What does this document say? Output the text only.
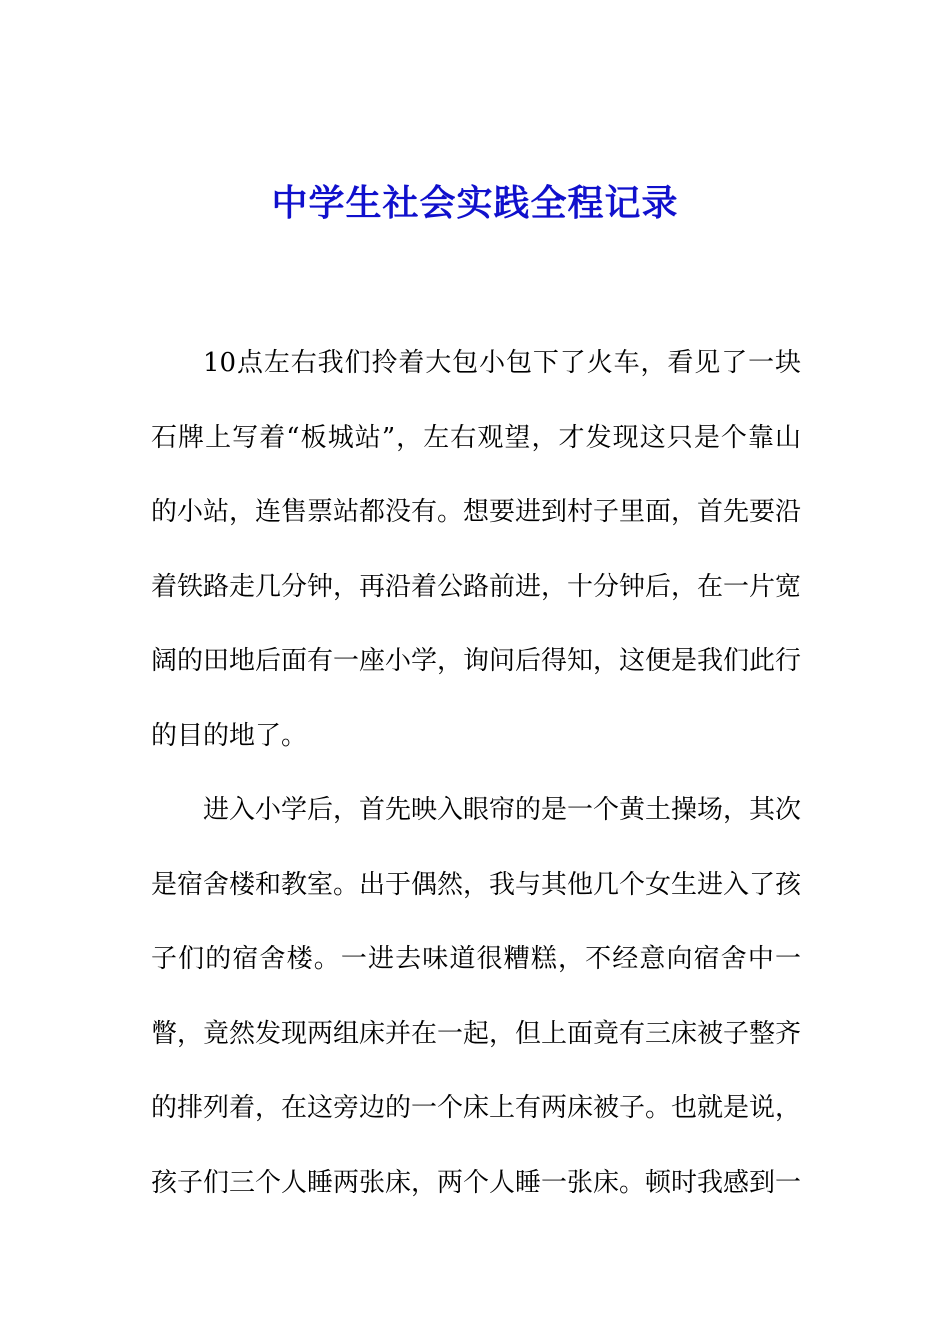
中学生社会实践全程记录

10点左右我们拎着大包小包下了火车，看见了一块石牌上写着“板城站”，左右观望，才发现这只是个靠山的小站，连售票站都没有。想要进到村子里面，首先要沿着铁路走几分钟，再沿着公路前进，十分钟后，在一片宽阔的田地后面有一座小学，询问后得知，这便是我们此行的目的地了。

进入小学后，首先映入眼帘的是一个黄土操场，其次是宿舍楼和教室。出于偶然，我与其他几个女生进入了孩子们的宿舍楼。一进去味道很糟糕，不经意向宿舍中一瞥，竟然发现两组床并在一起，但上面竟有三床被子整齐的排列着，在这旁边的一个床上有两床被子。也就是说，孩子们三个人睡两张床，两个人睡一张床。顿时我感到一
